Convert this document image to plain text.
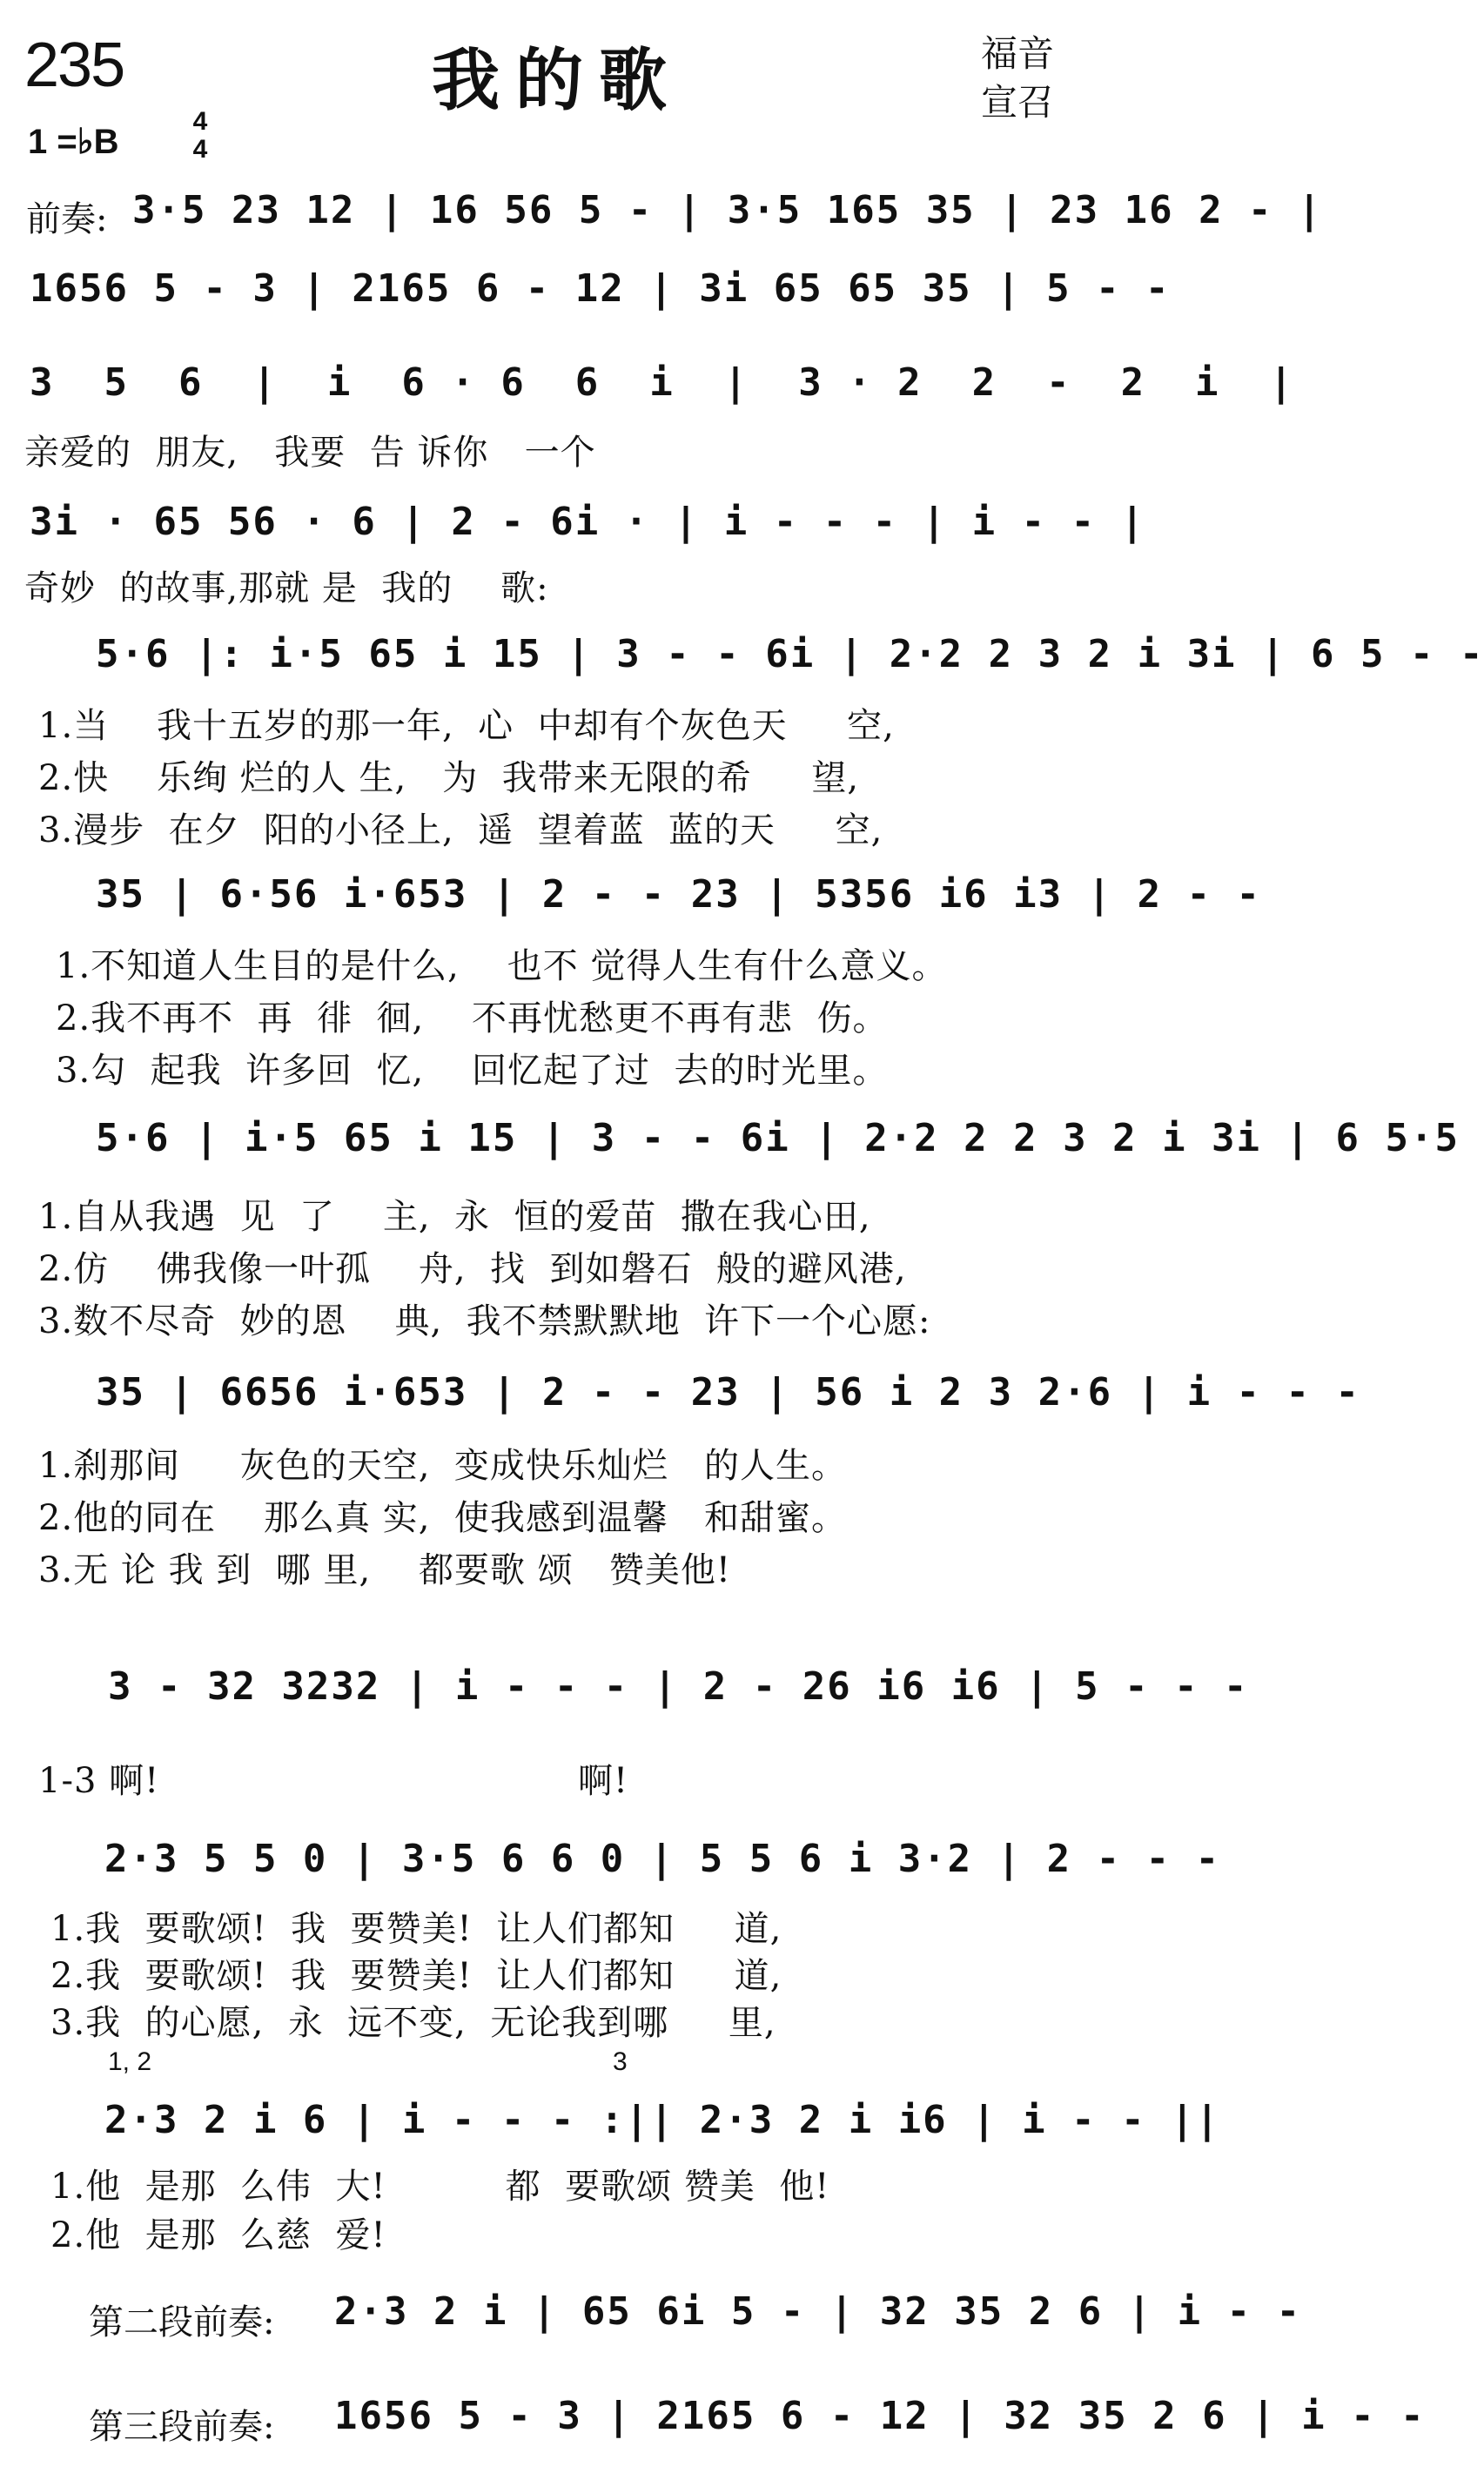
235	我的歌	福音
宣召
1 =♭B
4
4
前奏: 3·5 23 12 | 16 56 5 - | 3·5 165 35 | 23 16 2 - |
1656 5 - 3 | 2165 6 - 12 | 3i 65 65 35 | 5 - -
3  5  6  |  i  6 · 6  6  i  |  3 · 2  2  -  2  i  |
亲爱的  朋友,   我要  告 诉你   一个
3i · 65 56 · 6 | 2 - 6i · | i - - - | i - - |
奇妙  的故事,那就 是  我的    歌:
5·6 |: i·5 65 i 15 | 3 - - 6i | 2·2 2 3 2 i 3i | 6 5 - -
1.当    我十五岁的那一年,  心  中却有个灰色天     空,
2.快    乐绚 烂的人 生,   为  我带来无限的希     望,
3.漫步  在夕  阳的小径上,  遥  望着蓝  蓝的天     空,
35 | 6·56 i·653 | 2 - - 23 | 5356 i6 i3 | 2 - -
1.不知道人生目的是什么,    也不 觉得人生有什么意义。
2.我不再不  再  徘  徊,    不再忧愁更不再有悲  伤。
3.勾  起我  许多回  忆,    回忆起了过  去的时光里。
5·6 | i·5 65 i 15 | 3 - - 6i | 2·2 2 2 3 2 i 3i | 6 5·5
1.自从我遇  见  了    主,  永  恒的爱苗  撒在我心田,
2.仿    佛我像一叶孤    舟,  找  到如磐石  般的避风港,
3.数不尽奇  妙的恩    典,  我不禁默默地  许下一个心愿:
35 | 6656 i·653 | 2 - - 23 | 56 i 2 3 2·6 | i - - -
1.刹那间     灰色的天空,  变成快乐灿烂   的人生。
2.他的同在    那么真 实,  使我感到温馨   和甜蜜。
3.无 论 我 到  哪 里,    都要歌 颂   赞美他!
3 - 32 3232 | i - - - | 2 - 26 i6 i6 | 5 - - -
1-3 啊!	啊!
2·3 5 5 0 | 3·5 6 6 0 | 5 5 6 i 3·2 | 2 - - -
1.我  要歌颂!  我  要赞美!  让人们都知     道,
2.我  要歌颂!  我  要赞美!  让人们都知     道,
3.我  的心愿,  永  远不变,  无论我到哪     里,
1, 2	3
2·3 2 i 6 | i - - - :|| 2·3 2 i i6 | i - - ||
1.他  是那  么伟  大!          都  要歌颂 赞美  他!
2.他  是那  么慈  爱!
第二段前奏: 2·3 2 i | 65 6i 5 - | 32 35 2 6 | i - -
第三段前奏: 1656 5 - 3 | 2165 6 - 12 | 32 35 2 6 | i - -
